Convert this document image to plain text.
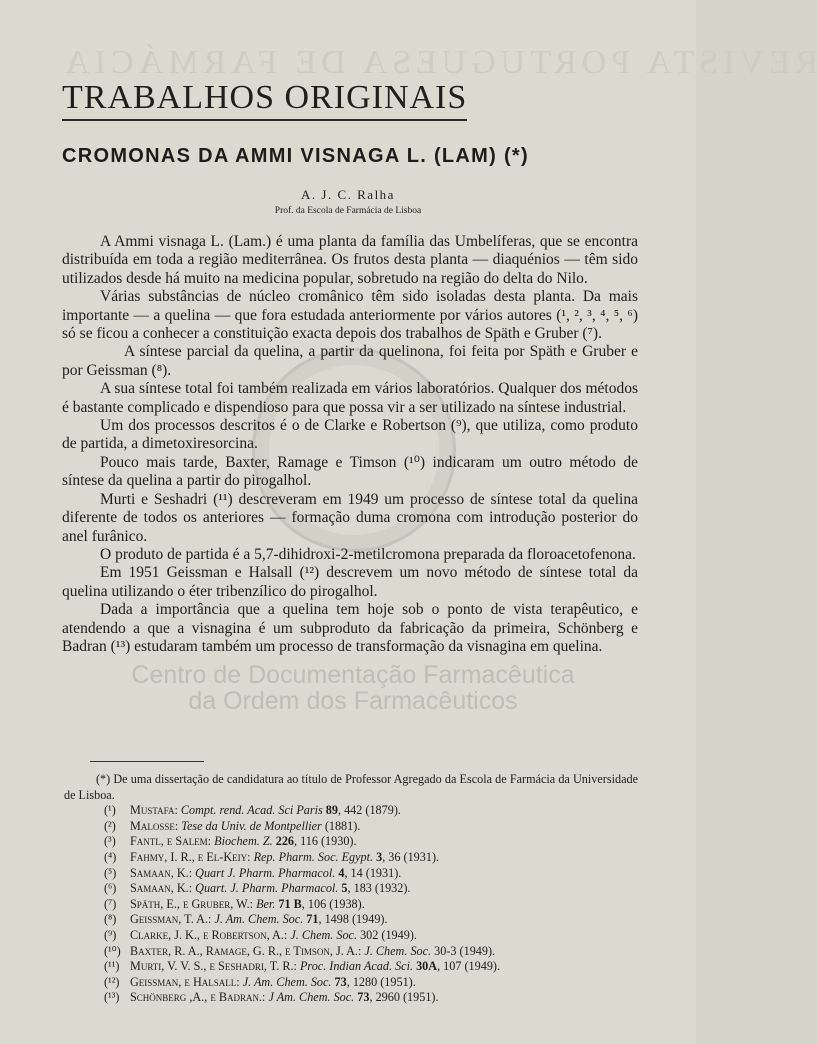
REVISTA PORTUGUESA DE FARMÁCIA
TRABALHOS ORIGINAIS
CROMONAS DA AMMI VISNAGA L. (LAM) (*)
A. J. C. Ralha
Prof. da Escola de Farmácia de Lisboa

A Ammi visnaga L. (Lam.) é uma planta da família das Umbelíferas, que se encontra distribuída em toda a região mediterrânea. Os frutos desta planta — diaquénios — têm sido utilizados desde há muito na medicina popular, sobretudo na região do delta do Nilo.

Várias substâncias de núcleo cromânico têm sido isoladas desta planta. Da mais importante — a quelina — que fora estudada anteriormente por vários autores (¹, ², ³, ⁴, ⁵, ⁶) só se ficou a conhecer a constituição exacta depois dos trabalhos de Späth e Gruber (⁷).

A síntese parcial da quelina, a partir da quelinona, foi feita por Späth e Gruber e por Geissman (⁸).

A sua síntese total foi também realizada em vários laboratórios. Qualquer dos métodos é bastante complicado e dispendioso para que possa vir a ser utilizado na síntese industrial.

Um dos processos descritos é o de Clarke e Robertson (⁹), que utiliza, como produto de partida, a dimetoxiresorcina.

Pouco mais tarde, Baxter, Ramage e Timson (¹⁰) indicaram um outro método de síntese da quelina a partir do pirogalhol.

Murti e Seshadri (¹¹) descreveram em 1949 um processo de síntese total da quelina diferente de todos os anteriores — formação duma cromona com introdução posterior do anel furânico.

O produto de partida é a 5,7-dihidroxi-2-metilcromona preparada da floroacetofenona.

Em 1951 Geissman e Halsall (¹²) descrevem um novo método de síntese total da quelina utilizando o éter tribenzílico do pirogalhol.

Dada a importância que a quelina tem hoje sob o ponto de vista terapêutico, e atendendo a que a visnagina é um subproduto da fabricação da primeira, Schönberg e Badran (¹³) estudaram também um processo de transformação da visnagina em quelina.

Centro de Documentação Farmacêutica
da Ordem dos Farmacêuticos
(*) De uma dissertação de candidatura ao título de Professor Agregado da Escola de Farmácia da Universidade de Lisboa.
(¹) Mustafa: Compt. rend. Acad. Sci Paris 89, 442 (1879).
(²) Malosse: Tese da Univ. de Montpellier (1881).
(³) Fantl, e Salem: Biochem. Z. 226, 116 (1930).
(⁴) Fahmy, I. R., e El-Keiy: Rep. Pharm. Soc. Egypt. 3, 36 (1931).
(⁵) Samaan, K.: Quart J. Pharm. Pharmacol. 4, 14 (1931).
(⁶) Samaan, K.: Quart. J. Pharm. Pharmacol. 5, 183 (1932).
(⁷) Späth, E., e Gruber, W.: Ber. 71 B, 106 (1938).
(⁸) Geissman, T. A.: J. Am. Chem. Soc. 71, 1498 (1949).
(⁹) Clarke, J. K., e Robertson, A.: J. Chem. Soc. 302 (1949).
(¹⁰) Baxter, R. A., Ramage, G. R., e Timson, J. A.: J. Chem. Soc. 30-3 (1949).
(¹¹) Murti, V. V. S., e Seshadri, T. R.: Proc. Indian Acad. Sci. 30A, 107 (1949).
(¹²) Geissman, e Halsall: J. Am. Chem. Soc. 73, 1280 (1951).
(¹³) Schönberg ,A., e Badran.: J Am. Chem. Soc. 73, 2960 (1951).
